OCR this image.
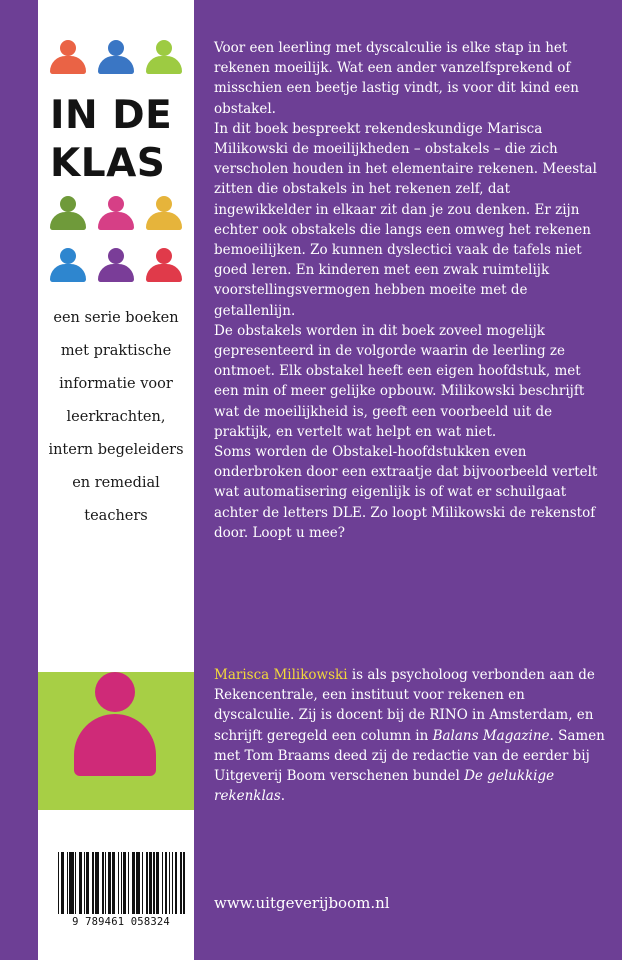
IN DE
KLAS
een serie boeken
met praktische
informatie voor
leerkrachten,
intern begeleiders
en remedial
teachers
9 789461 058324

Voor een leerling met dyscalculie is elke stap in het rekenen moeilijk. Wat een ander vanzelfsprekend of misschien een beetje lastig vindt, is voor dit kind een obstakel.

In dit boek bespreekt rekendeskundige Marisca Milikowski de moeilijkheden – obstakels – die zich verscholen houden in het elementaire rekenen. Meestal zitten die obstakels in het rekenen zelf, dat ingewikkelder in elkaar zit dan je zou denken. Er zijn echter ook obstakels die langs een omweg het rekenen bemoeilijken. Zo kunnen dyslectici vaak de tafels niet goed leren. En kinderen met een zwak ruimtelijk voorstellingsvermogen hebben moeite met de getallenlijn.

De obstakels worden in dit boek zoveel mogelijk gepresenteerd in de volgorde waarin de leerling ze ontmoet. Elk obstakel heeft een eigen hoofdstuk, met een min of meer gelijke opbouw. Milikowski beschrijft wat de moeilijkheid is, geeft een voorbeeld uit de praktijk, en vertelt wat helpt en wat niet.

Soms worden de Obstakel-hoofdstukken even onderbroken door een extraatje dat bijvoorbeeld vertelt wat automatisering eigenlijk is of wat er schuilgaat achter de letters DLE. Zo loopt Milikowski de rekenstof door. Loopt u mee?

Marisca Milikowski is als psycholoog verbonden aan de Rekencentrale, een instituut voor rekenen en dyscalculie. Zij is docent bij de RINO in Amsterdam, en schrijft geregeld een column in Balans Magazine. Samen met Tom Braams deed zij de redactie van de eerder bij Uitgeverij Boom verschenen bundel De gelukkige rekenklas.
www.uitgeverijboom.nl
